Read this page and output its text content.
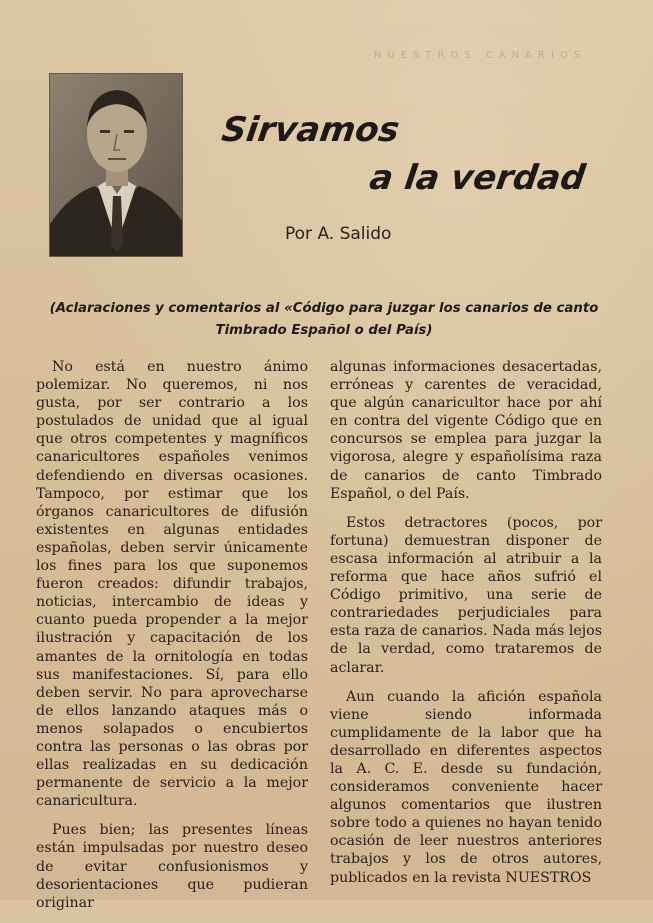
NUESTROS CANARIOS
Sirvamos
a la verdad
Por A. Salido
(Aclaraciones y comentarios al «Código para juzgar los canarios de canto Timbrado Español o del País)

No está en nuestro ánimo polemizar. No queremos, ni nos gusta, por ser contrario a los postulados de unidad que al igual que otros competentes y magníficos canaricultores españoles venimos defendiendo en diversas ocasiones. Tampoco, por estimar que los órganos canaricultores de difusión existentes en algunas entidades españolas, deben servir únicamente los fines para los que suponemos fueron creados: difundir trabajos, noticias, intercambio de ideas y cuanto pueda propender a la mejor ilustración y capacitación de los amantes de la ornitología en todas sus manifestaciones. Sí, para ello deben servir. No para aprovecharse de ellos lanzando ataques más o menos solapados o encubiertos contra las personas o las obras por ellas realizadas en su dedicación permanente de servicio a la mejor canaricultura.

Pues bien; las presentes líneas están impulsadas por nuestro deseo de evitar confusionismos y desorientaciones que pudieran originar

algunas informaciones desacertadas, erróneas y carentes de veracidad, que algún canaricultor hace por ahí en contra del vigente Código que en concursos se emplea para juzgar la vigorosa, alegre y españolísima raza de canarios de canto Timbrado Español, o del País.

Estos detractores (pocos, por fortuna) demuestran disponer de escasa información al atribuir a la reforma que hace años sufrió el Código primitivo, una serie de contrariedades perjudiciales para esta raza de canarios. Nada más lejos de la verdad, como trataremos de aclarar.

Aun cuando la afición española viene siendo informada cumplidamente de la labor que ha desarrollado en diferentes aspectos la A. C. E. desde su fundación, consideramos conveniente hacer algunos comentarios que ilustren sobre todo a quienes no hayan tenido ocasión de leer nuestros anteriores trabajos y los de otros autores, publicados en la revista NUESTROS
